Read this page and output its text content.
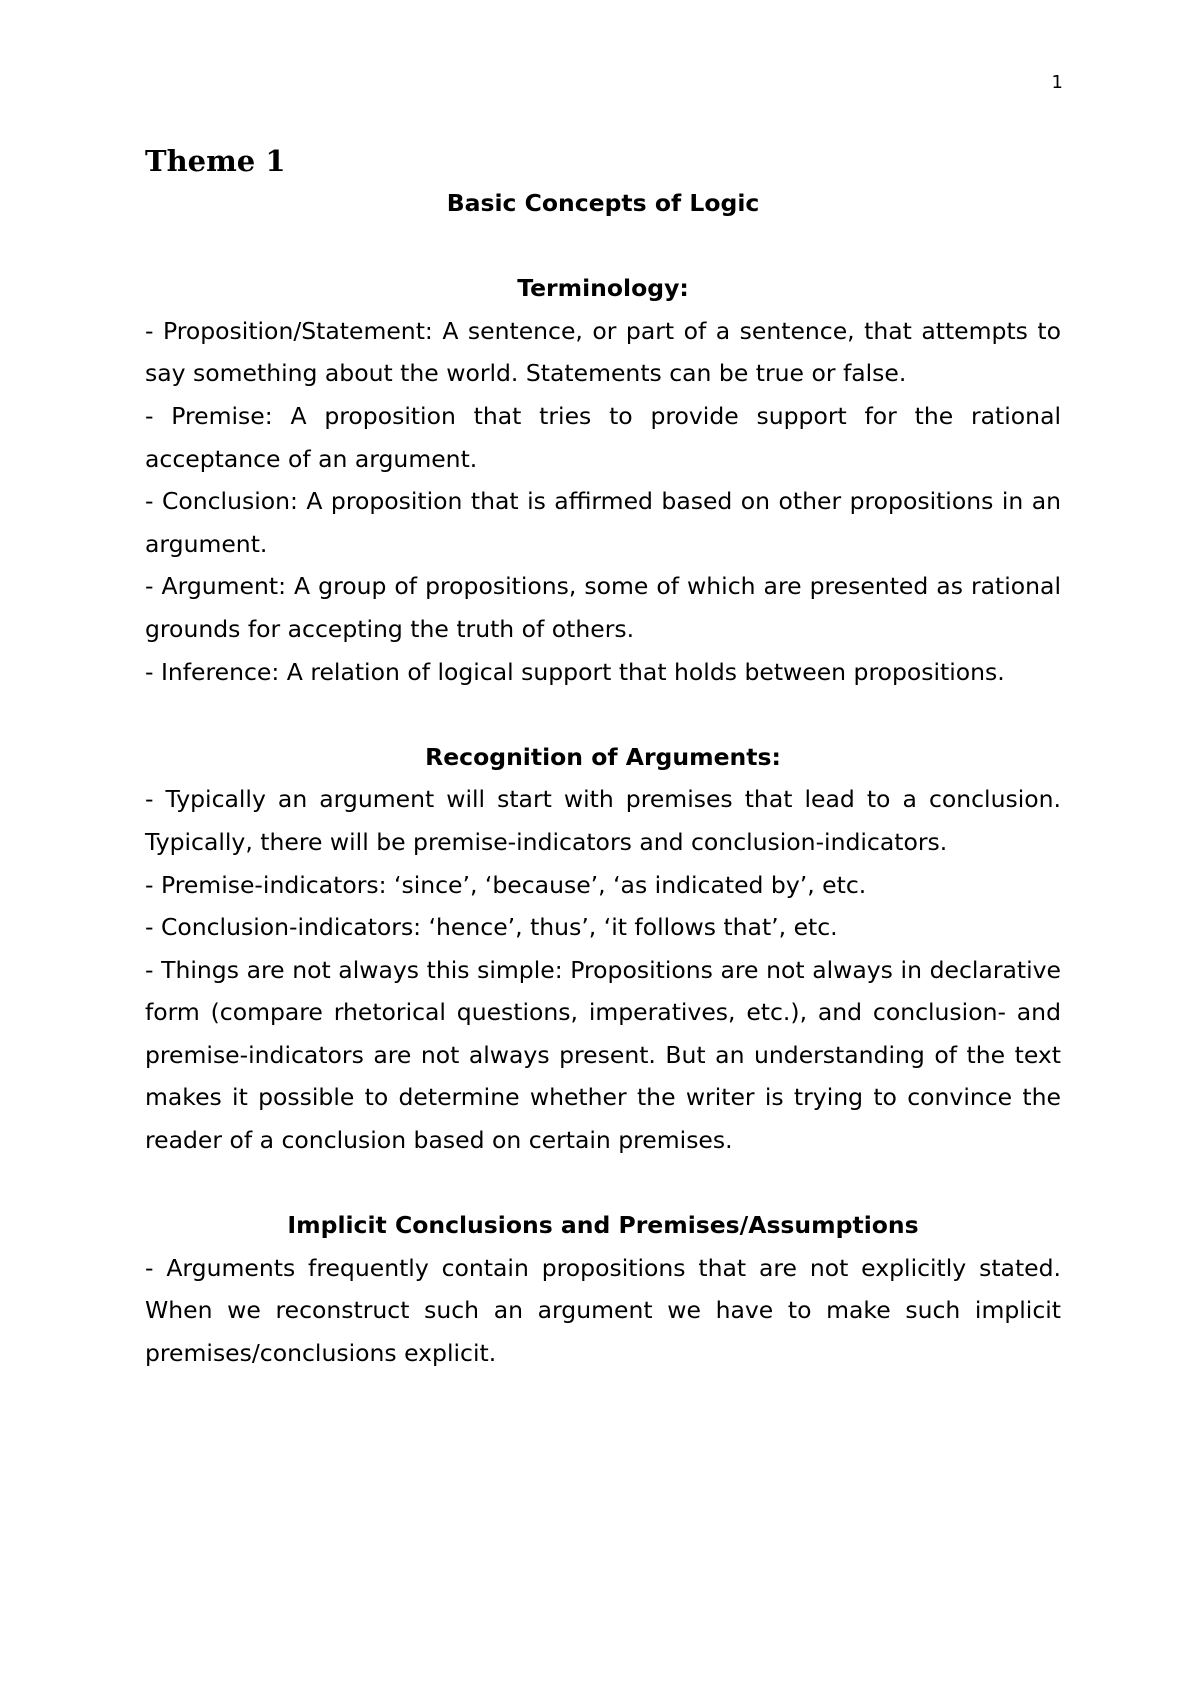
1
Theme 1

Basic Concepts of Logic

Terminology:

- Proposition/Statement: A sentence, or part of a sentence, that attempts to say something about the world. Statements can be true or false.

- Premise: A proposition that tries to provide support for the rational acceptance of an argument.

- Conclusion: A proposition that is affirmed based on other propositions in an argument.

- Argument: A group of propositions, some of which are presented as rational grounds for accepting the truth of others.

- Inference: A relation of logical support that holds between propositions.

Recognition of Arguments:

- Typically an argument will start with premises that lead to a conclusion. Typically, there will be premise-indicators and conclusion-indicators.

- Premise-indicators: ‘since’, ‘because’, ‘as indicated by’, etc.

- Conclusion-indicators: ‘hence’, thus’, ‘it follows that’, etc.

- Things are not always this simple: Propositions are not always in declarative form (compare rhetorical questions, imperatives, etc.), and conclusion- and premise-indicators are not always present. But an understanding of the text makes it possible to determine whether the writer is trying to convince the reader of a conclusion based on certain premises.

Implicit Conclusions and Premises/Assumptions

- Arguments frequently contain propositions that are not explicitly stated. When we reconstruct such an argument we have to make such implicit premises/conclusions explicit.
